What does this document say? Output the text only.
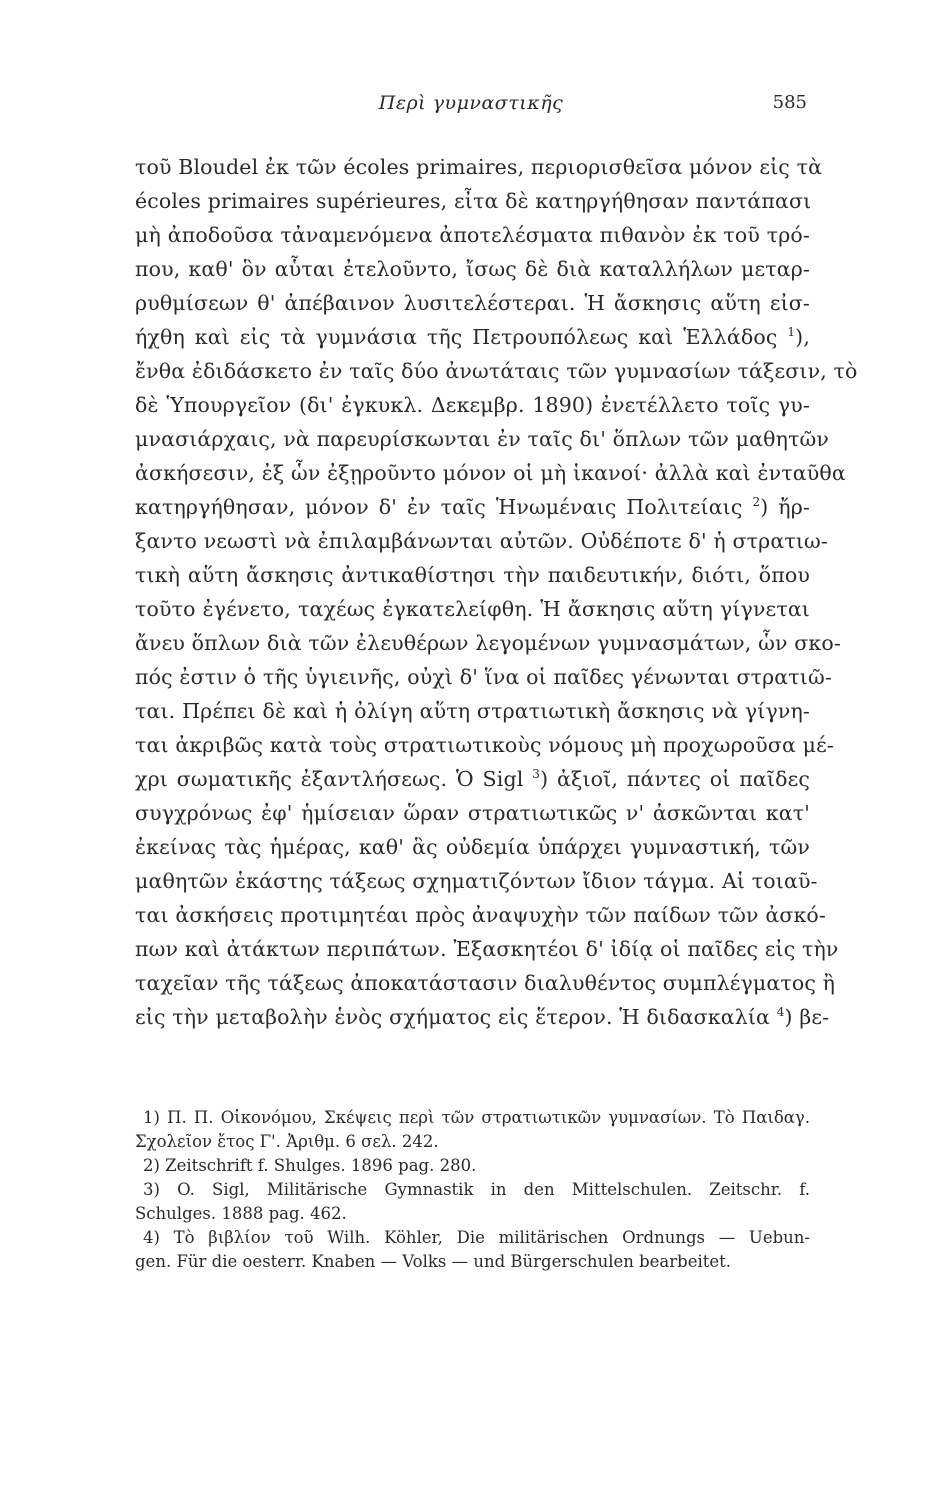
Περὶ γυμναστικῆς	585
τοῦ Bloudel ἐκ τῶν écoles primaires, περιορισθεῖσα μόνον εἰς τὰ
écoles primaires supérieures, εἶτα δὲ κατηργήθησαν παντάπασι
μὴ ἀποδοῦσα τἀναμενόμενα ἀποτελέσματα πιθανὸν ἐκ τοῦ τρό-
που, καθ' ὃν αὗται ἐτελοῦντο, ἴσως δὲ διὰ καταλλήλων μεταρ-
ρυθμίσεων θ' ἀπέβαινον λυσιτελέστεραι. Ἡ ἄσκησις αὕτη εἰσ-
ήχθη καὶ εἰς τὰ γυμνάσια τῆς Πετρουπόλεως καὶ Ἑλλάδος $^1$),
ἔνθα ἐδιδάσκετο ἐν ταῖς δύο ἀνωτάταις τῶν γυμνασίων τάξεσιν, τὸ
δὲ Ὑπουργεῖον (δι' ἐγκυκλ. Δεκεμβρ. 1890) ἐνετέλλετο τοῖς γυ-
μνασιάρχαις, νὰ παρευρίσκωνται ἐν ταῖς δι' ὅπλων τῶν μαθητῶν
ἀσκήσεσιν, ἐξ ὧν ἐξῃροῦντο μόνον οἱ μὴ ἱκανοί· ἀλλὰ καὶ ἐνταῦθα
κατηργήθησαν, μόνον δ' ἐν ταῖς Ἡνωμέναις Πολιτείαις $^2$) ἤρ-
ξαντο νεωστὶ νὰ ἐπιλαμβάνωνται αὐτῶν. Οὐδέποτε δ' ἡ στρατιω-
τικὴ αὕτη ἄσκησις ἀντικαθίστησι τὴν παιδευτικήν, διότι, ὅπου
τοῦτο ἐγένετο, ταχέως ἐγκατελείφθη. Ἡ ἄσκησις αὕτη γίγνεται
ἄνευ ὅπλων διὰ τῶν ἐλευθέρων λεγομένων γυμνασμάτων, ὧν σκο-
πός ἐστιν ὁ τῆς ὑγιεινῆς, οὐχὶ δ' ἵνα οἱ παῖδες γένωνται στρατιῶ-
ται. Πρέπει δὲ καὶ ἡ ὀλίγη αὕτη στρατιωτικὴ ἄσκησις νὰ γίγνη-
ται ἀκριβῶς κατὰ τοὺς στρατιωτικοὺς νόμους μὴ προχωροῦσα μέ-
χρι σωματικῆς ἐξαντλήσεως. Ὁ Sigl $^3$) ἀξιοῖ, πάντες οἱ παῖδες
συγχρόνως ἐφ' ἡμίσειαν ὥραν στρατιωτικῶς ν' ἀσκῶνται κατ'
ἐκείνας τὰς ἡμέρας, καθ' ἃς οὐδεμία ὑπάρχει γυμναστική, τῶν
μαθητῶν ἑκάστης τάξεως σχηματιζόντων ἴδιον τάγμα. Αἱ τοιαῦ-
ται ἀσκήσεις προτιμητέαι πρὸς ἀναψυχὴν τῶν παίδων τῶν ἀσκό-
πων καὶ ἀτάκτων περιπάτων. Ἐξασκητέοι δ' ἰδίᾳ οἱ παῖδες εἰς τὴν
ταχεῖαν τῆς τάξεως ἀποκατάστασιν διαλυθέντος συμπλέγματος ἢ
εἰς τὴν μεταβολὴν ἑνὸς σχήματος εἰς ἕτερον. Ἡ διδασκαλία $^4$) βε-
1) Π. Π. Οἰκονόμου, Σκέψεις περὶ τῶν στρατιωτικῶν γυμνασίων. Τὸ Παιδαγ.
Σχολεῖον ἔτος Γ'. Ἀριθμ. 6 σελ. 242.
2) Zeitschrift f. Shulges. 1896 pag. 280.
3) O. Sigl, Militärische Gymnastik in den Mittelschulen. Zeitschr. f.
Schulges. 1888 pag. 462.
4) Τὸ βιβλίον τοῦ Wilh. Köhler, Die militärischen Ordnungs — Uebun-
gen. Für die oesterr. Knaben — Volks — und Bürgerschulen bearbeitet.
